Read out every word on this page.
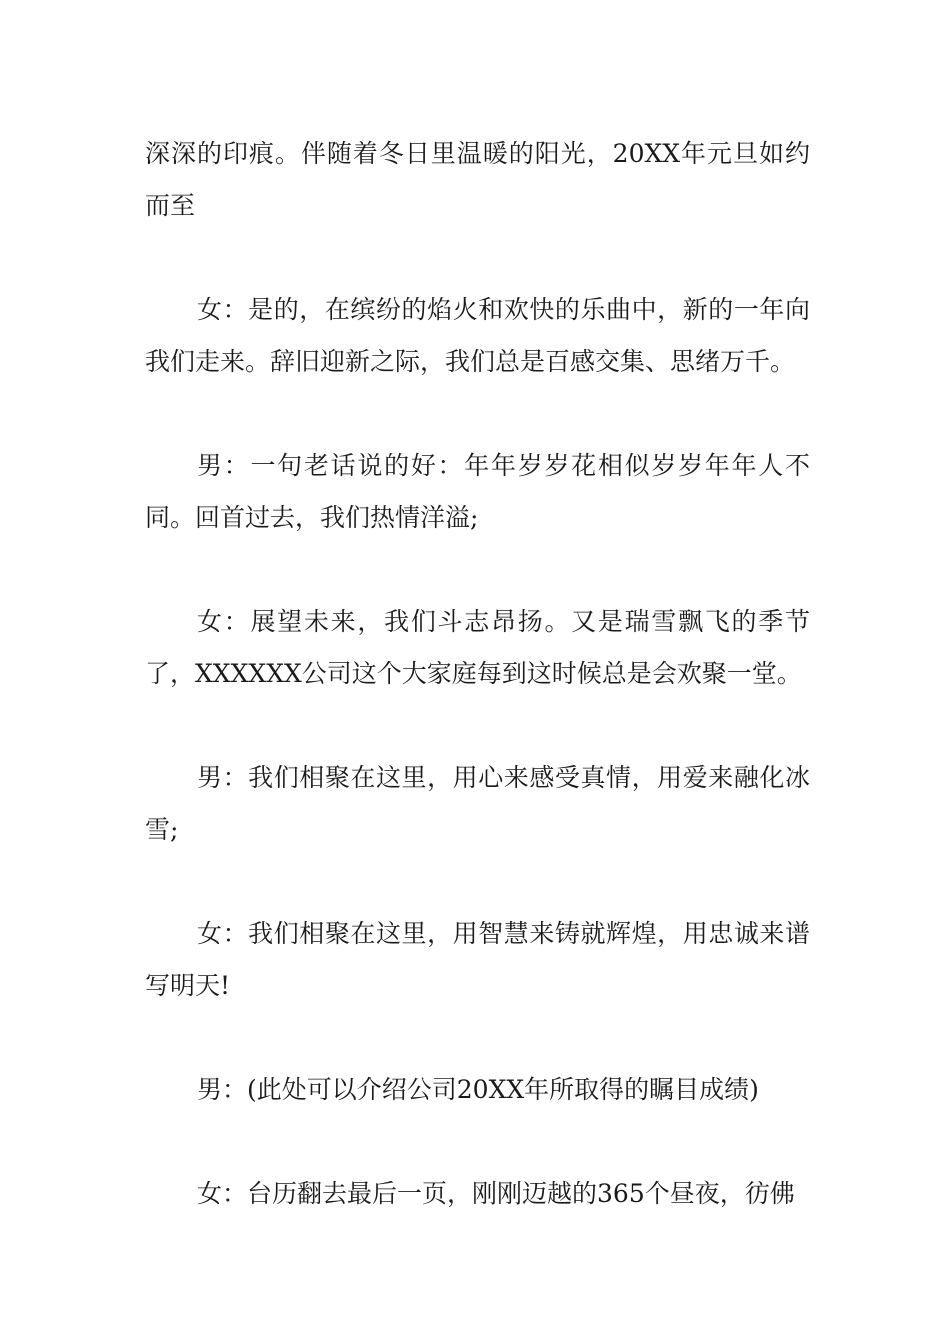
深深的印痕。伴随着冬日里温暖的阳光，20XX年元旦如约而至

女：是的，在缤纷的焰火和欢快的乐曲中，新的一年向我们走来。辞旧迎新之际，我们总是百感交集、思绪万千。

男：一句老话说的好：年年岁岁花相似岁岁年年人不同。回首过去，我们热情洋溢;

女：展望未来，我们斗志昂扬。又是瑞雪飘飞的季节了，XXXXXX公司这个大家庭每到这时候总是会欢聚一堂。

男：我们相聚在这里，用心来感受真情，用爱来融化冰雪;

女：我们相聚在这里，用智慧来铸就辉煌，用忠诚来谱写明天!

男：(此处可以介绍公司20XX年所取得的瞩目成绩)

女：台历翻去最后一页，刚刚迈越的365个昼夜，彷佛
